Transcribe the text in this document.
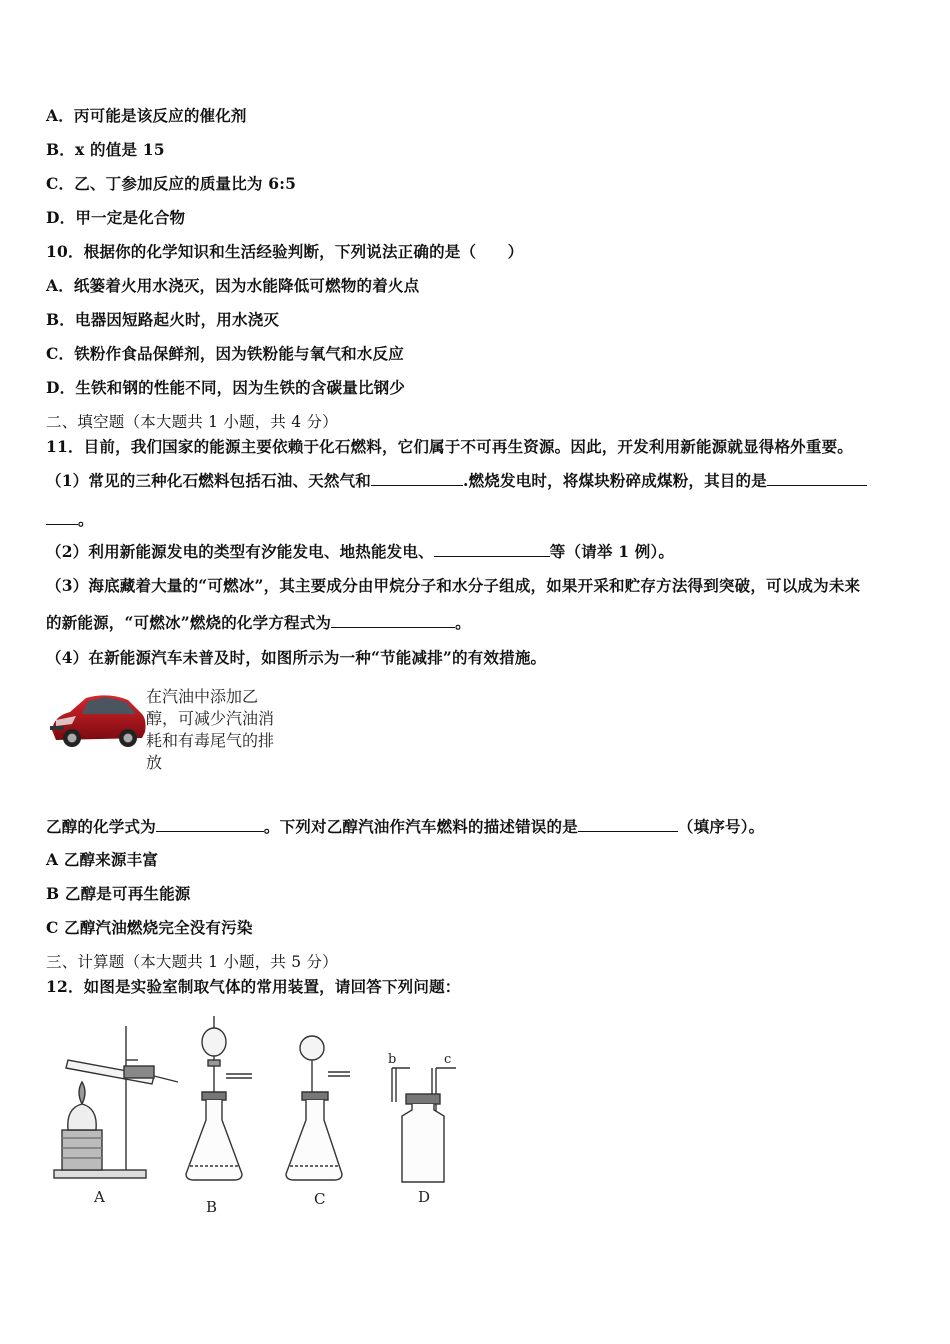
A．丙可能是该反应的催化剂
B．x 的值是 15
C．乙、丁参加反应的质量比为 6:5
D．甲一定是化合物
10．根据你的化学知识和生活经验判断，下列说法正确的是（　　）
A．纸篓着火用水浇灭，因为水能降低可燃物的着火点
B．电器因短路起火时，用水浇灭
C．铁粉作食品保鲜剂，因为铁粉能与氧气和水反应
D．生铁和钢的性能不同，因为生铁的含碳量比钢少
二、填空题（本大题共 1 小题，共 4 分）
11．目前，我们国家的能源主要依赖于化石燃料，它们属于不可再生资源。因此，开发利用新能源就显得格外重要。
（1）常见的三种化石燃料包括石油、天然气和	.燃烧发电时，将煤块粉碎成煤粉，其目的是
。
（2）利用新能源发电的类型有汐能发电、地热能发电、	等（请举 1 例）。
（3）海底藏着大量的“可燃冰”，其主要成分由甲烷分子和水分子组成，如果开采和贮存方法得到突破，可以成为未来
的新能源，“可燃冰”燃烧的化学方程式为	。
（4）在新能源汽车未普及时，如图所示为一种“节能减排”的有效措施。
在汽油中添加乙醇，可减少汽油消耗和有毒尾气的排放
乙醇的化学式为	。下列对乙醇汽油作汽车燃料的描述错误的是	（填序号）。
A 乙醇来源丰富
B 乙醇是可再生能源
C 乙醇汽油燃烧完全没有污染
三、计算题（本大题共 1 小题，共 5 分）
12．如图是实验室制取气体的常用装置，请回答下列问题：
A
B	C	D
b	c
